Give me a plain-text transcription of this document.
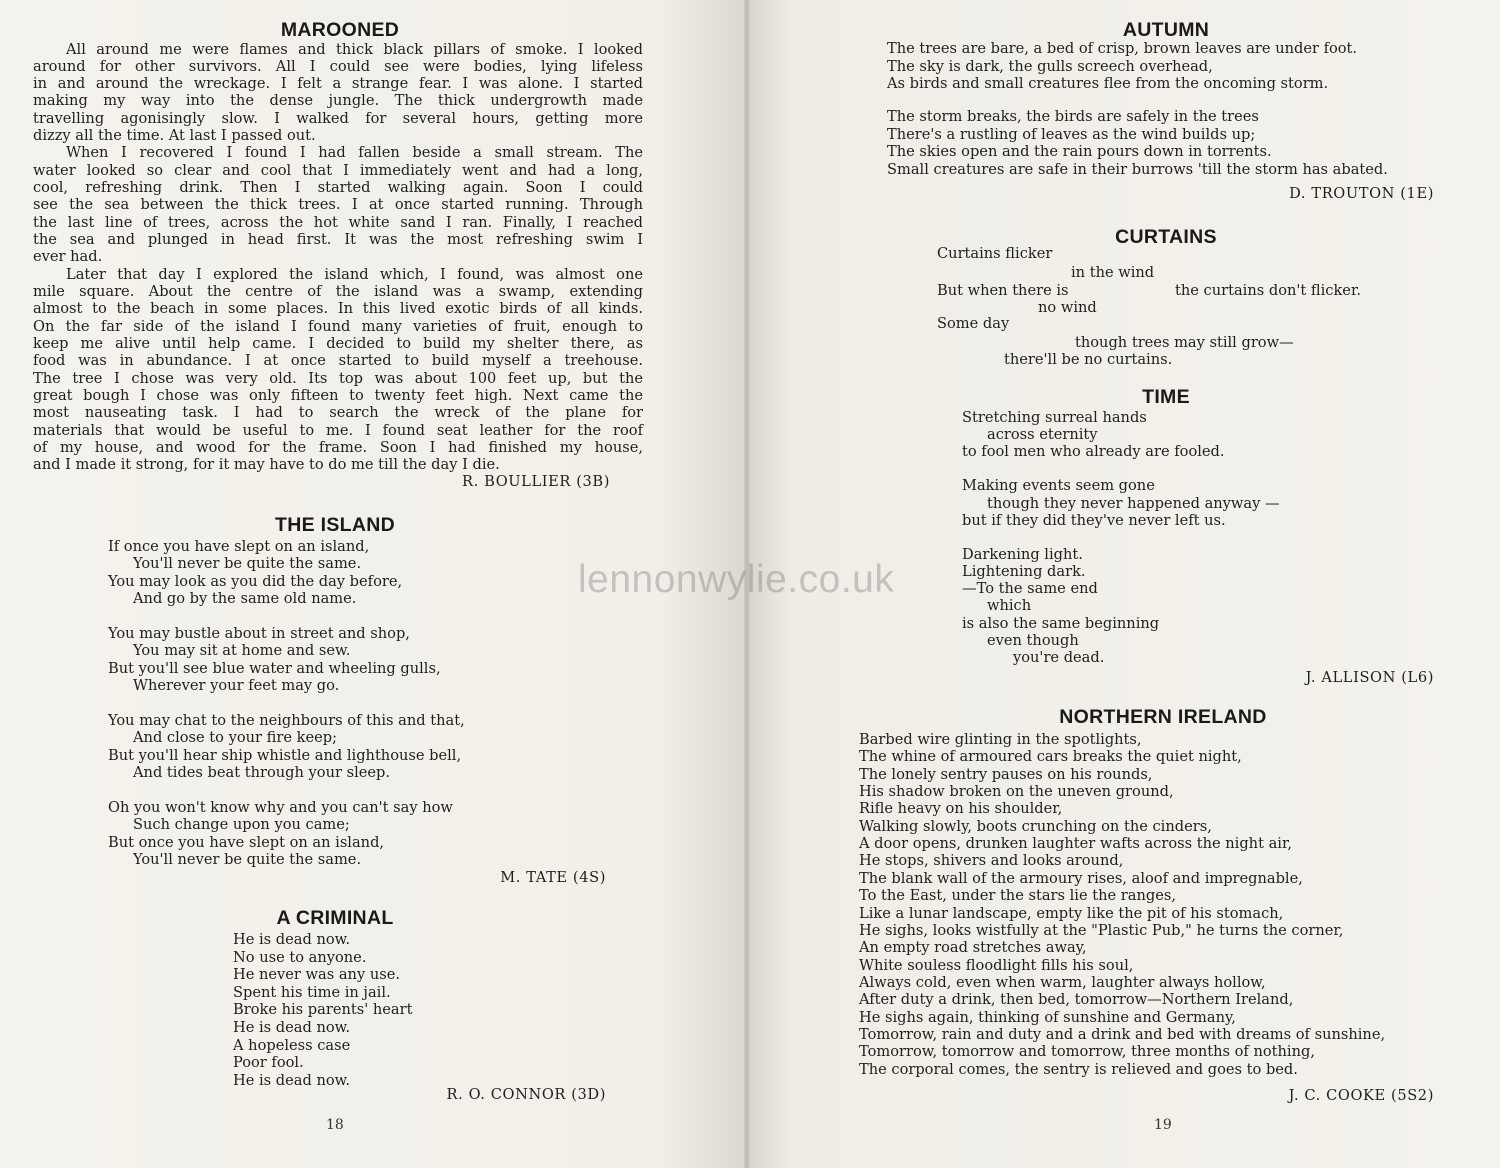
MAROONED
All around me were flames and thick black pillars of smoke. I looked
around for other survivors. All I could see were bodies, lying lifeless
in and around the wreckage. I felt a strange fear. I was alone. I started
making my way into the dense jungle. The thick undergrowth made
travelling agonisingly slow. I walked for several hours, getting more
dizzy all the time. At last I passed out.
When I recovered I found I had fallen beside a small stream. The
water looked so clear and cool that I immediately went and had a long,
cool, refreshing drink. Then I started walking again. Soon I could
see the sea between the thick trees. I at once started running. Through
the last line of trees, across the hot white sand I ran. Finally, I reached
the sea and plunged in head first. It was the most refreshing swim I
ever had.
Later that day I explored the island which, I found, was almost one
mile square. About the centre of the island was a swamp, extending
almost to the beach in some places. In this lived exotic birds of all kinds.
On the far side of the island I found many varieties of fruit, enough to
keep me alive until help came. I decided to build my shelter there, as
food was in abundance. I at once started to build myself a treehouse.
The tree I chose was very old. Its top was about 100 feet up, but the
great bough I chose was only fifteen to twenty feet high. Next came the
most nauseating task. I had to search the wreck of the plane for
materials that would be useful to me. I found seat leather for the roof
of my house, and wood for the frame. Soon I had finished my house,
and I made it strong, for it may have to do me till the day I die.
R. BOULLIER (3B)
THE ISLAND
If once you have slept on an island,
You'll never be quite the same.
You may look as you did the day before,
And go by the same old name.
You may bustle about in street and shop,
You may sit at home and sew.
But you'll see blue water and wheeling gulls,
Wherever your feet may go.
You may chat to the neighbours of this and that,
And close to your fire keep;
But you'll hear ship whistle and lighthouse bell,
And tides beat through your sleep.
Oh you won't know why and you can't say how
Such change upon you came;
But once you have slept on an island,
You'll never be quite the same.
M. TATE (4S)
A CRIMINAL
He is dead now.
No use to anyone.
He never was any use.
Spent his time in jail.
Broke his parents' heart
He is dead now.
A hopeless case
Poor fool.
He is dead now.
R. O. CONNOR (3D)
18
AUTUMN
The trees are bare, a bed of crisp, brown leaves are under foot.
The sky is dark, the gulls screech overhead,
As birds and small creatures flee from the oncoming storm.
The storm breaks, the birds are safely in the trees
There's a rustling of leaves as the wind builds up;
The skies open and the rain pours down in torrents.
Small creatures are safe in their burrows 'till the storm has abated.
D. TROUTON (1E)
CURTAINS
Curtains flicker
in the wind
But when there is	the curtains don't flicker.
no wind
Some day
though trees may still grow—
there'll be no curtains.
TIME
Stretching surreal hands
across eternity
to fool men who already are fooled.
Making events seem gone
though they never happened anyway —
but if they did they've never left us.
Darkening light.
Lightening dark.
—To the same end
which
is also the same beginning
even though
you're dead.
J. ALLISON (L6)
NORTHERN IRELAND
Barbed wire glinting in the spotlights,
The whine of armoured cars breaks the quiet night,
The lonely sentry pauses on his rounds,
His shadow broken on the uneven ground,
Rifle heavy on his shoulder,
Walking slowly, boots crunching on the cinders,
A door opens, drunken laughter wafts across the night air,
He stops, shivers and looks around,
The blank wall of the armoury rises, aloof and impregnable,
To the East, under the stars lie the ranges,
Like a lunar landscape, empty like the pit of his stomach,
He sighs, looks wistfully at the "Plastic Pub," he turns the corner,
An empty road stretches away,
White souless floodlight fills his soul,
Always cold, even when warm, laughter always hollow,
After duty a drink, then bed, tomorrow—Northern Ireland,
He sighs again, thinking of sunshine and Germany,
Tomorrow, rain and duty and a drink and bed with dreams of sunshine,
Tomorrow, tomorrow and tomorrow, three months of nothing,
The corporal comes, the sentry is relieved and goes to bed.
J. C. COOKE (5S2)
19
lennonwylie.co.uk
